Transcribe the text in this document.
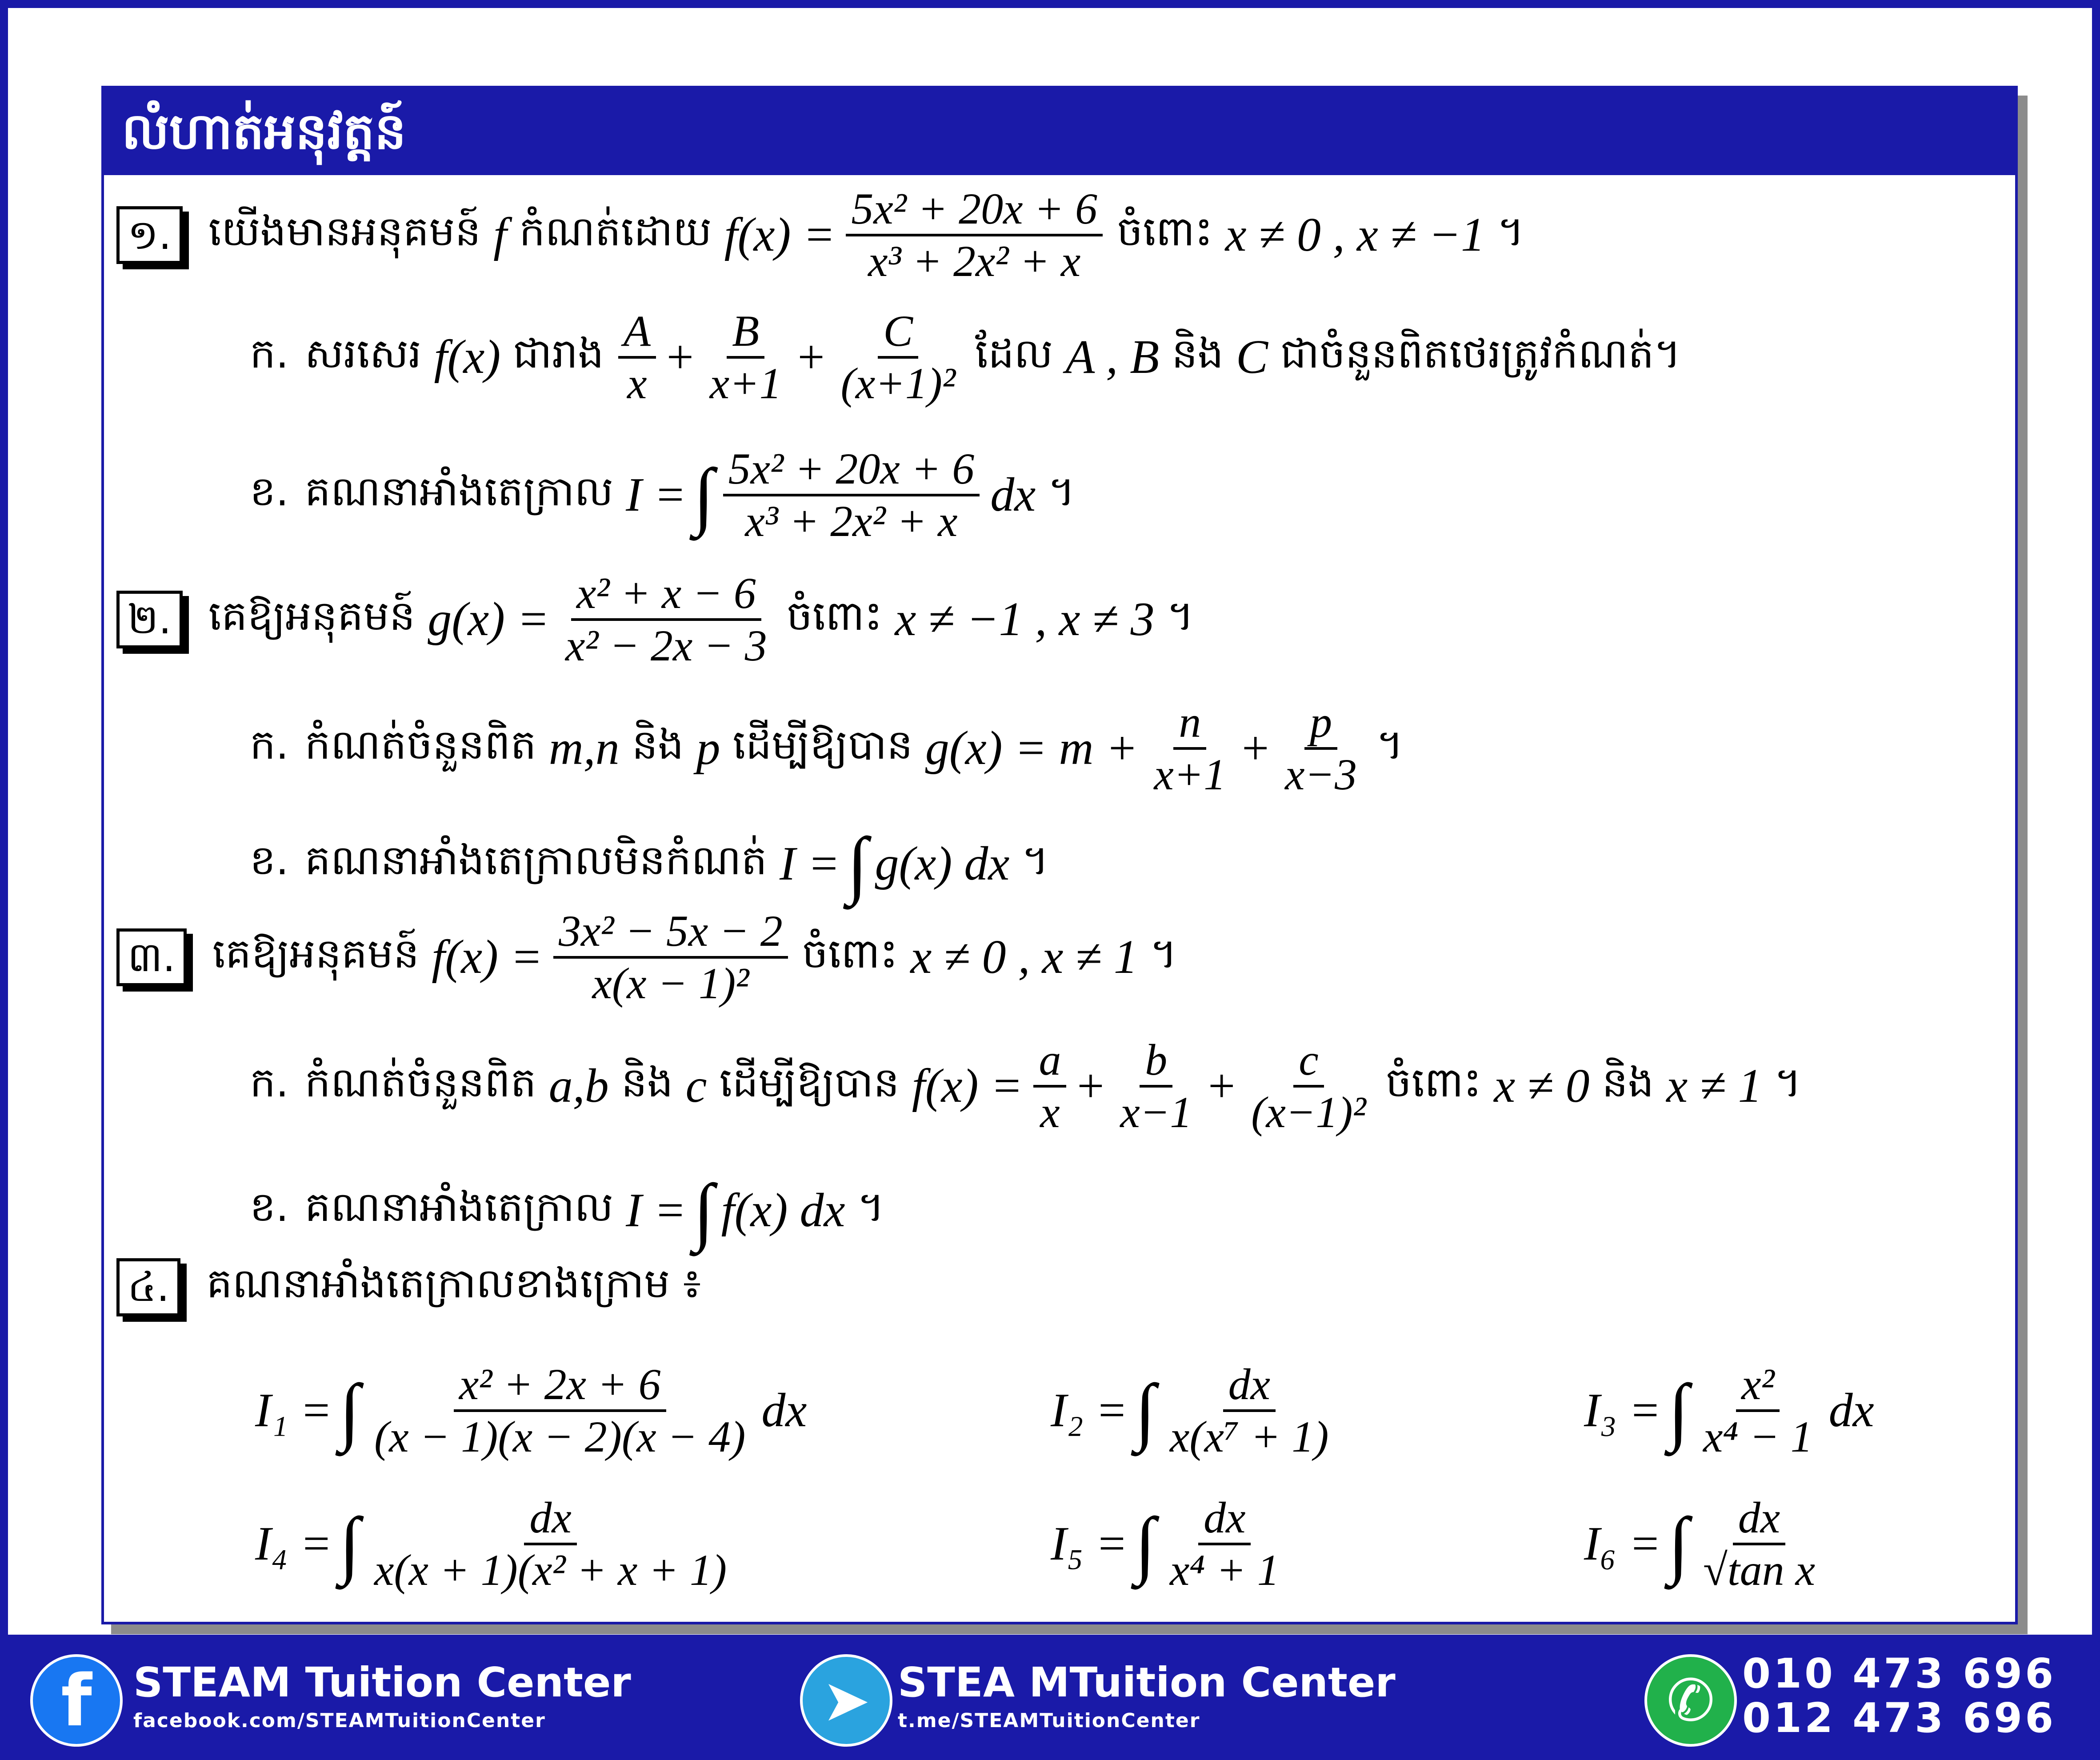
លំហាត់អនុវត្តន៍
១. យើងមានអនុគមន៍ f កំណត់ដោយ $f(x) = \frac{\text{5x² + 20x + 6}}{\text{x³ + 2x² + x}}$ ចំពោះ x ≠ 0 , x ≠ −1 ។
ក. សរសេរ f(x) ជារាង $\frac{A}{x} + \frac{B}{x+1} + \frac{C}{\text{(x+1)²}}$ ដែល A , B និង C ជាចំនួនពិតថេរត្រូវកំណត់។
ខ. គណនាអាំងតេក្រាល I = ∫ $\frac{\text{5x² + 20x + 6}}{\text{x³ + 2x² + x}}$ dx ។
២. គេឱ្យអនុគមន៍ $g(x) = \frac{\text{x² + x − 6}}{\text{x² − 2x − 3}}$ ចំពោះ x ≠ −1 , x ≠ 3 ។
ក. កំណត់ចំនួនពិត m,n និង p ដើម្បីឱ្យបាន $g(x) = m + \frac{n}{x+1} + \frac{p}{x-3}$ ។
ខ. គណនាអាំងតេក្រាលមិនកំណត់ I = ∫ g(x) dx ។
៣. គេឱ្យអនុគមន៍ $f(x) = \frac{\text{3x² − 5x − 2}}{\text{x(x − 1)²}}$ ចំពោះ x ≠ 0 , x ≠ 1 ។
ក. កំណត់ចំនួនពិត a,b និង c ដើម្បីឱ្យបាន $f(x) = \frac{a}{x} + \frac{b}{x-1} + \frac{c}{\text{(x−1)²}}$ ចំពោះ x ≠ 0 និង x ≠ 1 ។
ខ. គណនាអាំងតេក្រាល I = ∫ f(x) dx ។
៤. គណនាអាំងតេក្រាលខាងក្រោម ៖
I₁ = ∫ $\frac{\text{x² + 2x + 6}}{(x - 1)(x - 2)(x - 4)}$ dx	I₂ = ∫ $\frac{dx}{\text{x(x⁷ + 1)}}$	I₃ = ∫ $\frac{\text{x²}}{\text{x⁴ − 1}}$ dx
I₄ = ∫ $\frac{dx}{\text{x(x + 1)(x² + x + 1)}}$	I₅ = ∫ $\frac{dx}{\text{x⁴ + 1}}$	I₆ = ∫ $\frac{dx}{\text{√tan x}}$
f	STEAM Tuition Center
facebook.com/STEAMTuitionCenter	➤ STEA MTuition Center
t.me/STEAMTuitionCenter	✆ 010 473 696
012 473 696
